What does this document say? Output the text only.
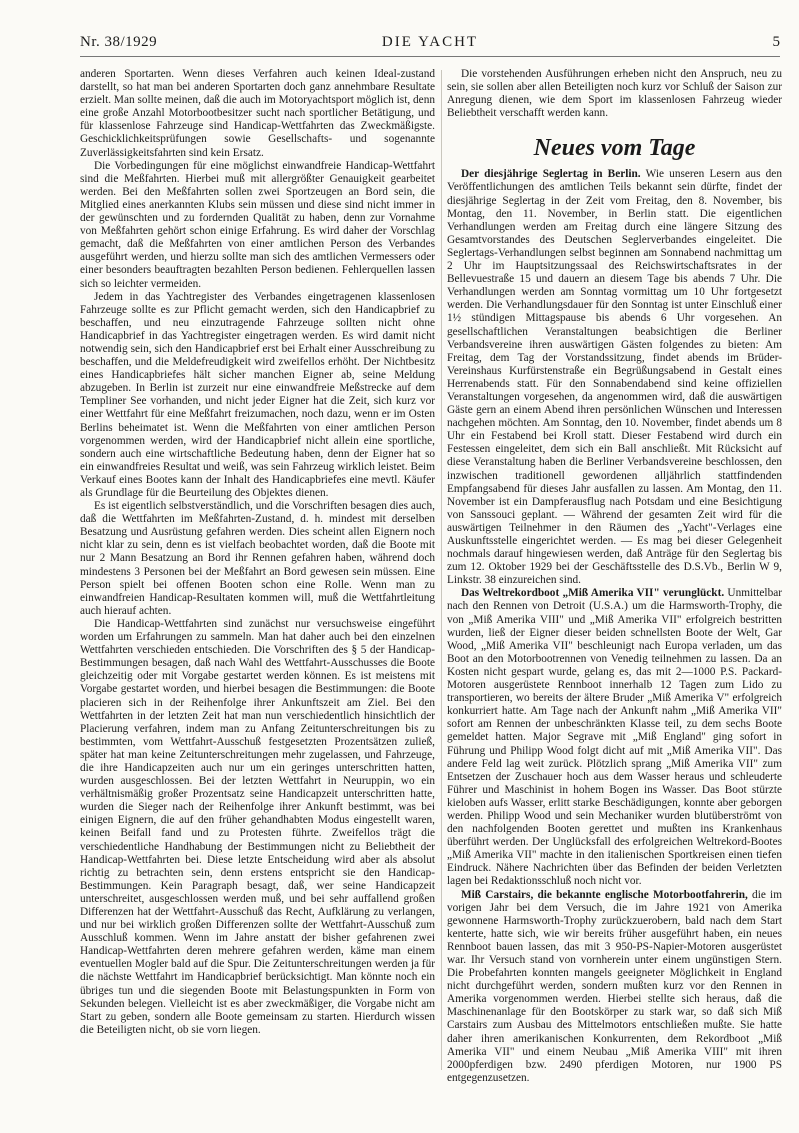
Nr. 38/1929	DIE YACHT	5

anderen Sportarten. Wenn dieses Verfahren auch keinen Ideal-zustand darstellt, so hat man bei anderen Sportarten doch ganz annehmbare Resultate erzielt. Man sollte meinen, daß die auch im Motoryachtsport möglich ist, denn eine große Anzahl Motorbootbesitzer sucht nach sportlicher Betätigung, und für klassenlose Fahrzeuge sind Handicap-Wettfahrten das Zweckmäßigste. Geschicklichkeitsprüfungen sowie Gesellschafts- und sogenannte Zuverlässigkeitsfahrten sind kein Ersatz.

Die Vorbedingungen für eine möglichst einwandfreie Handicap-Wettfahrt sind die Meßfahrten. Hierbei muß mit allergrößter Genauigkeit gearbeitet werden. Bei den Meßfahrten sollen zwei Sportzeugen an Bord sein, die Mitglied eines anerkannten Klubs sein müssen und diese sind nicht immer in der gewünschten und zu fordernden Qualität zu haben, denn zur Vornahme von Meßfahrten gehört schon einige Erfahrung. Es wird daher der Vorschlag gemacht, daß die Meßfahrten von einer amtlichen Person des Verbandes ausgeführt werden, und hierzu sollte man sich des amtlichen Vermessers oder einer besonders beauftragten bezahlten Person bedienen. Fehlerquellen lassen sich so leichter vermeiden.

Jedem in das Yachtregister des Verbandes eingetragenen klassenlosen Fahrzeuge sollte es zur Pflicht gemacht werden, sich den Handicapbrief zu beschaffen, und neu einzutragende Fahrzeuge sollten nicht ohne Handicapbrief in das Yachtregister eingetragen werden. Es wird damit nicht notwendig sein, sich den Handicapbrief erst bei Erhalt einer Ausschreibung zu beschaffen, und die Meldefreudigkeit wird zweifellos erhöht. Der Nichtbesitz eines Handicapbriefes hält sicher manchen Eigner ab, seine Meldung abzugeben. In Berlin ist zurzeit nur eine einwandfreie Meßstrecke auf dem Templiner See vorhanden, und nicht jeder Eigner hat die Zeit, sich kurz vor einer Wettfahrt für eine Meßfahrt freizumachen, noch dazu, wenn er im Osten Berlins beheimatet ist. Wenn die Meßfahrten von einer amtlichen Person vorgenommen werden, wird der Handicapbrief nicht allein eine sportliche, sondern auch eine wirtschaftliche Bedeutung haben, denn der Eigner hat so ein einwandfreies Resultat und weiß, was sein Fahrzeug wirklich leistet. Beim Verkauf eines Bootes kann der Inhalt des Handicapbriefes eine mevtl. Käufer als Grundlage für die Beurteilung des Objektes dienen.

Es ist eigentlich selbstverständlich, und die Vorschriften besagen dies auch, daß die Wettfahrten im Meßfahrten-Zustand, d. h. mindest mit derselben Besatzung und Ausrüstung gefahren werden. Dies scheint allen Eignern noch nicht klar zu sein, denn es ist vielfach beobachtet worden, daß die Boote mit nur 2 Mann Besatzung an Bord ihr Rennen gefahren haben, während doch mindestens 3 Personen bei der Meßfahrt an Bord gewesen sein müssen. Eine Person spielt bei offenen Booten schon eine Rolle. Wenn man zu einwandfreien Handicap-Resultaten kommen will, muß die Wettfahrtleitung auch hierauf achten.

Die Handicap-Wettfahrten sind zunächst nur versuchsweise eingeführt worden um Erfahrungen zu sammeln. Man hat daher auch bei den einzelnen Wettfahrten verschieden entschieden. Die Vorschriften des § 5 der Handicap-Bestimmungen besagen, daß nach Wahl des Wettfahrt-Ausschusses die Boote gleichzeitig oder mit Vorgabe gestartet werden können. Es ist meistens mit Vorgabe gestartet worden, und hierbei besagen die Bestimmungen: die Boote placieren sich in der Reihenfolge ihrer Ankunftszeit am Ziel. Bei den Wettfahrten in der letzten Zeit hat man nun verschiedentlich hinsichtlich der Placierung verfahren, indem man zu Anfang Zeitunterschreitungen bis zu bestimmten, vom Wettfahrt-Ausschuß festgesetzten Prozentsätzen zuließ, später hat man keine Zeitunterschreitungen mehr zugelassen, und Fahrzeuge, die ihre Handicapzeiten auch nur um ein geringes unterschritten hatten, wurden ausgeschlossen. Bei der letzten Wettfahrt in Neuruppin, wo ein verhältnismäßig großer Prozentsatz seine Handicapzeit unterschritten hatte, wurden die Sieger nach der Reihenfolge ihrer Ankunft bestimmt, was bei einigen Eignern, die auf den früher gehandhabten Modus eingestellt waren, keinen Beifall fand und zu Protesten führte. Zweifellos trägt die verschiedentliche Handhabung der Bestimmungen nicht zu Beliebtheit der Handicap-Wettfahrten bei. Diese letzte Entscheidung wird aber als absolut richtig zu betrachten sein, denn erstens entspricht sie den Handicap-Bestimmungen. Kein Paragraph besagt, daß, wer seine Handicapzeit unterschreitet, ausgeschlossen werden muß, und bei sehr auffallend großen Differenzen hat der Wettfahrt-Ausschuß das Recht, Aufklärung zu verlangen, und nur bei wirklich großen Differenzen sollte der Wettfahrt-Ausschuß zum Ausschluß kommen. Wenn im Jahre anstatt der bisher gefahrenen zwei Handicap-Wettfahrten deren mehrere gefahren werden, käme man einem eventuellen Mogler bald auf die Spur. Die Zeitunterschreitungen werden ja für die nächste Wettfahrt im Handicapbrief berücksichtigt. Man könnte noch ein übriges tun und die siegenden Boote mit Belastungspunkten in Form von Sekunden belegen. Vielleicht ist es aber zweckmäßiger, die Vorgabe nicht am Start zu geben, sondern alle Boote gemeinsam zu starten. Hierdurch wissen die Beteiligten nicht, ob sie vorn liegen.

Die vorstehenden Ausführungen erheben nicht den Anspruch, neu zu sein, sie sollen aber allen Beteiligten noch kurz vor Schluß der Saison zur Anregung dienen, wie dem Sport im klassenlosen Fahrzeug wieder Beliebtheit verschafft werden kann.

Neues vom Tage

Der diesjährige Seglertag in Berlin. Wie unseren Lesern aus den Veröffentlichungen des amtlichen Teils bekannt sein dürfte, findet der diesjährige Seglertag in der Zeit vom Freitag, den 8. November, bis Montag, den 11. November, in Berlin statt. Die eigentlichen Verhandlungen werden am Freitag durch eine längere Sitzung des Gesamtvorstandes des Deutschen Seglerverbandes eingeleitet. Die Seglertags-Verhandlungen selbst beginnen am Sonnabend nachmittag um 2 Uhr im Hauptsitzungssaal des Reichswirtschaftsrates in der Bellevuestraße 15 und dauern an diesem Tage bis abends 7 Uhr. Die Verhandlungen werden am Sonntag vormittag um 10 Uhr fortgesetzt werden. Die Verhandlungsdauer für den Sonntag ist unter Einschluß einer 1½ stündigen Mittagspause bis abends 6 Uhr vorgesehen. An gesellschaftlichen Veranstaltungen beabsichtigen die Berliner Verbandsvereine ihren auswärtigen Gästen folgendes zu bieten: Am Freitag, dem Tag der Vorstandssitzung, findet abends im Brüder-Vereinshaus Kurfürstenstraße ein Begrüßungsabend in Gestalt eines Herrenabends statt. Für den Sonnabendabend sind keine offiziellen Veranstaltungen vorgesehen, da angenommen wird, daß die auswärtigen Gäste gern an einem Abend ihren persönlichen Wünschen und Interessen nachgehen möchten. Am Sonntag, den 10. November, findet abends um 8 Uhr ein Festabend bei Kroll statt. Dieser Festabend wird durch ein Festessen eingeleitet, dem sich ein Ball anschließt. Mit Rücksicht auf diese Veranstaltung haben die Berliner Verbandsvereine beschlossen, den inzwischen traditionell gewordenen alljährlich stattfindenden Empfangsabend für dieses Jahr ausfallen zu lassen. Am Montag, den 11. November ist ein Dampferausflug nach Potsdam und eine Besichtigung von Sanssouci geplant. — Während der gesamten Zeit wird für die auswärtigen Teilnehmer in den Räumen des „Yacht"-Verlages eine Auskunftsstelle eingerichtet werden. — Es mag bei dieser Gelegenheit nochmals darauf hingewiesen werden, daß Anträge für den Seglertag bis zum 12. Oktober 1929 bei der Geschäftsstelle des D.S.Vb., Berlin W 9, Linkstr. 38 einzureichen sind.

Das Weltrekordboot „Miß Amerika VII" verunglückt. Unmittelbar nach den Rennen von Detroit (U.S.A.) um die Harmsworth-Trophy, die von „Miß Amerika VIII" und „Miß Amerika VII" erfolgreich bestritten wurden, ließ der Eigner dieser beiden schnellsten Boote der Welt, Gar Wood, „Miß Amerika VII" beschleunigt nach Europa verladen, um das Boot an den Motorbootrennen von Venedig teilnehmen zu lassen. Da an Kosten nicht gespart wurde, gelang es, das mit 2—1000 P.S. Packard-Motoren ausgerüstete Rennboot innerhalb 12 Tagen zum Lido zu transportieren, wo bereits der ältere Bruder „Miß Amerika V" erfolgreich konkurriert hatte. Am Tage nach der Ankunft nahm „Miß Amerika VII" sofort am Rennen der unbeschränkten Klasse teil, zu dem sechs Boote gemeldet hatten. Major Segrave mit „Miß England" ging sofort in Führung und Philipp Wood folgt dicht auf mit „Miß Amerika VII". Das andere Feld lag weit zurück. Plötzlich sprang „Miß Amerika VII" zum Entsetzen der Zuschauer hoch aus dem Wasser heraus und schleuderte Führer und Maschinist in hohem Bogen ins Wasser. Das Boot stürzte kieloben aufs Wasser, erlitt starke Beschädigungen, konnte aber geborgen werden. Philipp Wood und sein Mechaniker wurden blutüberströmt von den nachfolgenden Booten gerettet und mußten ins Krankenhaus überführt werden. Der Unglücksfall des erfolgreichen Weltrekord-Bootes „Miß Amerika VII" machte in den italienischen Sportkreisen einen tiefen Eindruck. Nähere Nachrichten über das Befinden der beiden Verletzten lagen bei Redaktionsschluß noch nicht vor.

Miß Carstairs, die bekannte englische Motorbootfahrerin, die im vorigen Jahr bei dem Versuch, die im Jahre 1921 von Amerika gewonnene Harmsworth-Trophy zurückzuerobern, bald nach dem Start kenterte, hatte sich, wie wir bereits früher ausgeführt haben, ein neues Rennboot bauen lassen, das mit 3 950-PS-Napier-Motoren ausgerüstet war. Ihr Versuch stand von vornherein unter einem ungünstigen Stern. Die Probefahrten konnten mangels geeigneter Möglichkeit in England nicht durchgeführt werden, sondern mußten kurz vor den Rennen in Amerika vorgenommen werden. Hierbei stellte sich heraus, daß die Maschinenanlage für den Bootskörper zu stark war, so daß sich Miß Carstairs zum Ausbau des Mittelmotors entschließen mußte. Sie hatte daher ihren amerikanischen Konkurrenten, dem Rekordboot „Miß Amerika VII" und einem Neubau „Miß Amerika VIII" mit ihren 2000pferdigen bzw. 2490 pferdigen Motoren, nur 1900 PS entgegenzusetzen.
